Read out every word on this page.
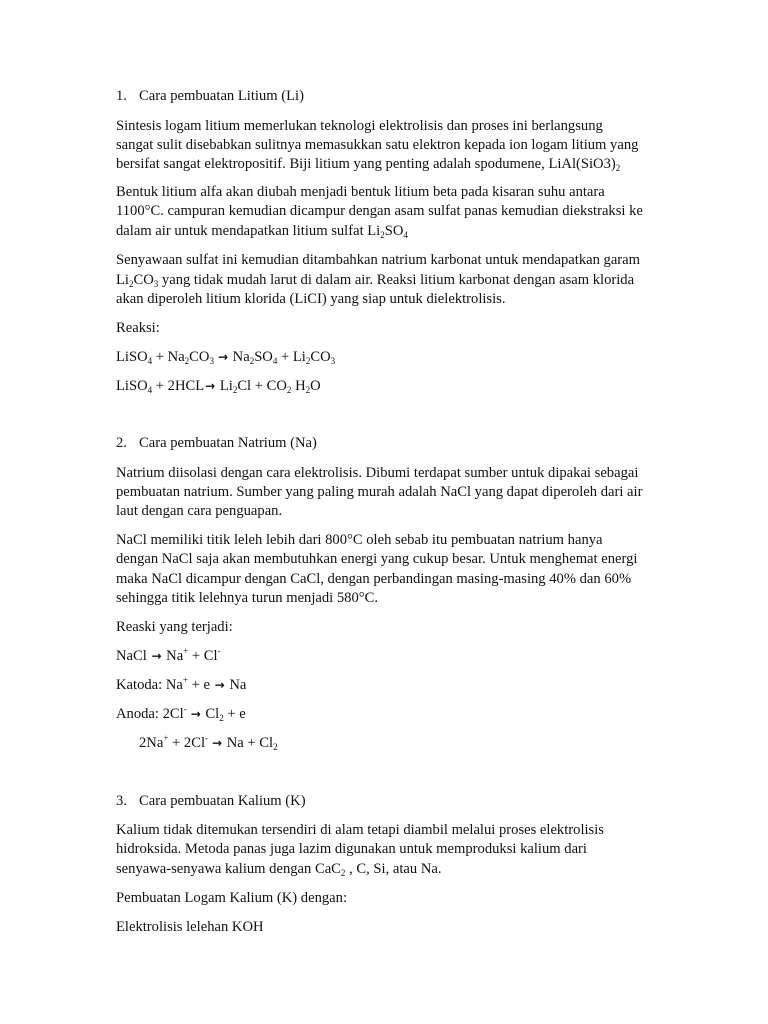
1. Cara pembuatan Litium (Li)
Sintesis logam litium memerlukan teknologi elektrolisis dan proses ini berlangsung
sangat sulit disebabkan sulitnya memasukkan satu elektron kepada ion logam litium yang
bersifat sangat elektropositif. Biji litium yang penting adalah spodumene, $LiAl(SiO3)_2$
Bentuk litium alfa akan diubah menjadi bentuk litium beta pada kisaran suhu antara
1100°C. campuran kemudian dicampur dengan asam sulfat panas kemudian diekstraksi ke
dalam air untuk mendapatkan litium sulfat $Li_2SO_4$
Senyawaan sulfat ini kemudian ditambahkan natrium karbonat untuk mendapatkan garam
$Li_2CO_3$ yang tidak mudah larut di dalam air. Reaksi litium karbonat dengan asam klorida
akan diperoleh litium klorida (LiCI) yang siap untuk dielektrolisis.
Reaksi:
LiSO$_4$ + $Na_2CO_3 \to Na_2SO_4 + Li_2CO_3$
LiSO$_4$ + $2HCL\to Li_2Cl + CO_2$ $H_2O$
2. Cara pembuatan Natrium (Na)
Natrium diisolasi dengan cara elektrolisis. Dibumi terdapat sumber untuk dipakai sebagai
pembuatan natrium. Sumber yang paling murah adalah NaCl yang dapat diperoleh dari air
laut dengan cara penguapan.
NaCl memiliki titik leleh lebih dari 800°C oleh sebab itu pembuatan natrium hanya
dengan NaCl saja akan membutuhkan energi yang cukup besar. Untuk menghemat energi
maka NaCl dicampur dengan CaCl, dengan perbandingan masing-masing 40% dan 60%
sehingga titik lelehnya turun menjadi 580°C.
Reaski yang terjadi:
NaCl → Na+ + Cl-
Katoda: Na+ + e → Na
Anoda: $2Cl^- \to Cl_2 + e$
$2Na^+ + 2Cl^- \to Na + Cl_2$
3. Cara pembuatan Kalium (K)
Kalium tidak ditemukan tersendiri di alam tetapi diambil melalui proses elektrolisis
hidroksida. Metoda panas juga lazim digunakan untuk memproduksi kalium dari
senyawa-senyawa kalium dengan CaC$_2$ , C, Si, atau Na.
Pembuatan Logam Kalium (K) dengan:
Elektrolisis lelehan KOH
